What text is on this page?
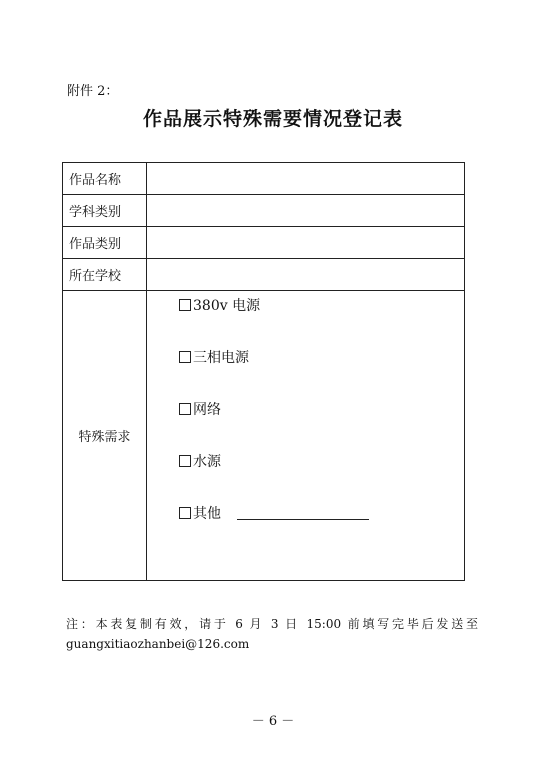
附件 2：
作品展示特殊需要情况登记表
作品名称	
学科类别	
作品类别	
所在学校	
特殊需求	380v 电源
三相电源
网络
水源
其他
注：本表复制有效，请于 6 月 3 日 15:00 前填写完毕后发送至
guangxitiaozhanbei@126.com
－ 6 －
